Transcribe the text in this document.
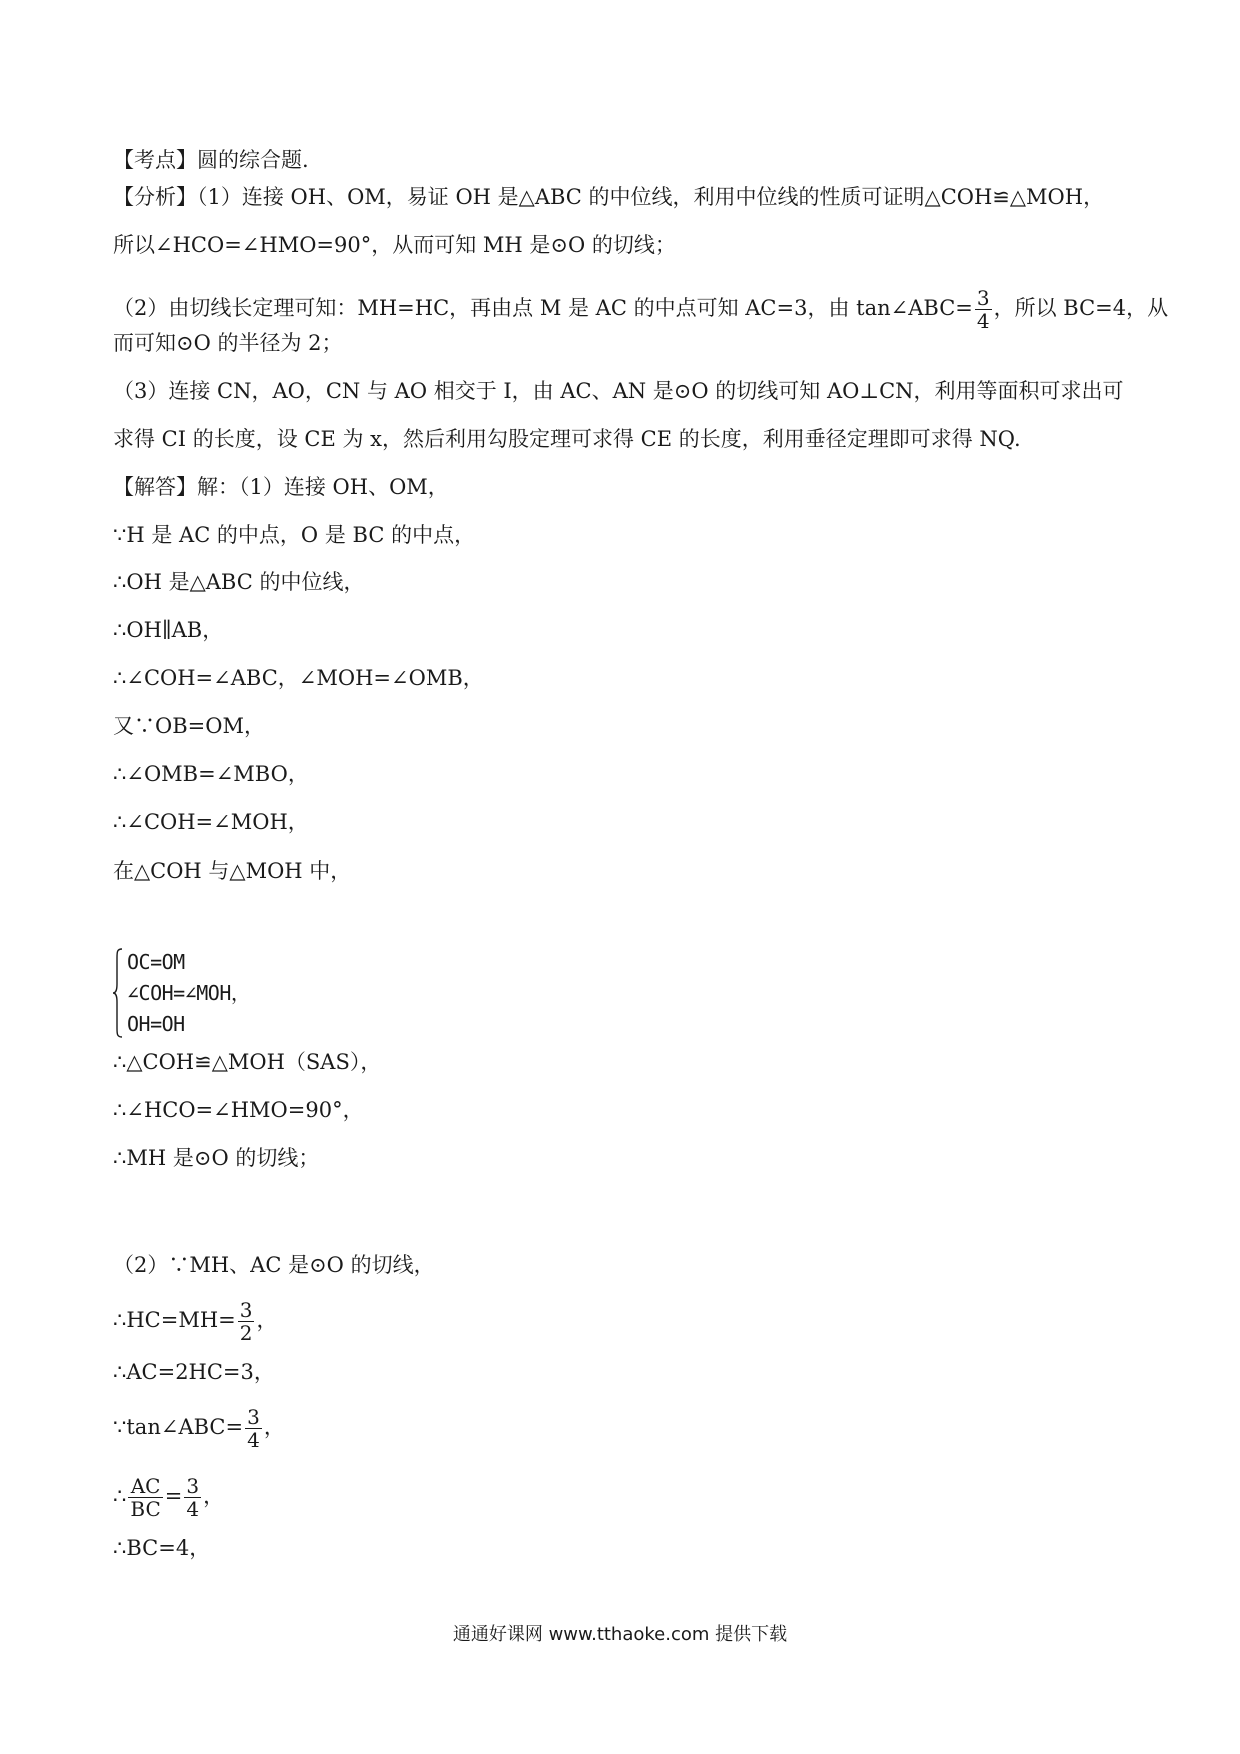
【考点】圆的综合题.
【分析】（1）连接 OH、OM，易证 OH 是△ABC 的中位线，利用中位线的性质可证明△COH≌△MOH，
所以∠HCO=∠HMO=90°，从而可知 MH 是⊙O 的切线；
（2）由切线长定理可知：MH=HC，再由点 M 是 AC 的中点可知 AC=3，由 tan∠ABC= $\frac{3}{4}$ ，所以 BC=4，从
而可知⊙O 的半径为 2；
（3）连接 CN，AO，CN 与 AO 相交于 I，由 AC、AN 是⊙O 的切线可知 AO⊥CN，利用等面积可求出可
求得 CI 的长度，设 CE 为 x，然后利用勾股定理可求得 CE 的长度，利用垂径定理即可求得 NQ.
【解答】解：（1）连接 OH、OM，
∵H 是 AC 的中点，O 是 BC 的中点，
∴OH 是△ABC 的中位线，
∴OH∥AB，
∴∠COH=∠ABC，∠MOH=∠OMB，
又∵OB=OM，
∴∠OMB=∠MBO，
∴∠COH=∠MOH，
在△COH 与△MOH 中，
OC=OM
∠COH=∠MOH，
OH=OH
∴△COH≌△MOH（SAS），
∴∠HCO=∠HMO=90°，
∴MH 是⊙O 的切线；
（2）∵MH、AC 是⊙O 的切线，
∴HC=MH= $\frac{3}{2}$ ，
∴AC=2HC=3，
∵tan∠ABC= $\frac{3}{4}$ ，
∴ $\frac{AC}{BC} = \frac{3}{4}$ ，
∴BC=4，
通通好课网 www.tthaoke.com 提供下载
